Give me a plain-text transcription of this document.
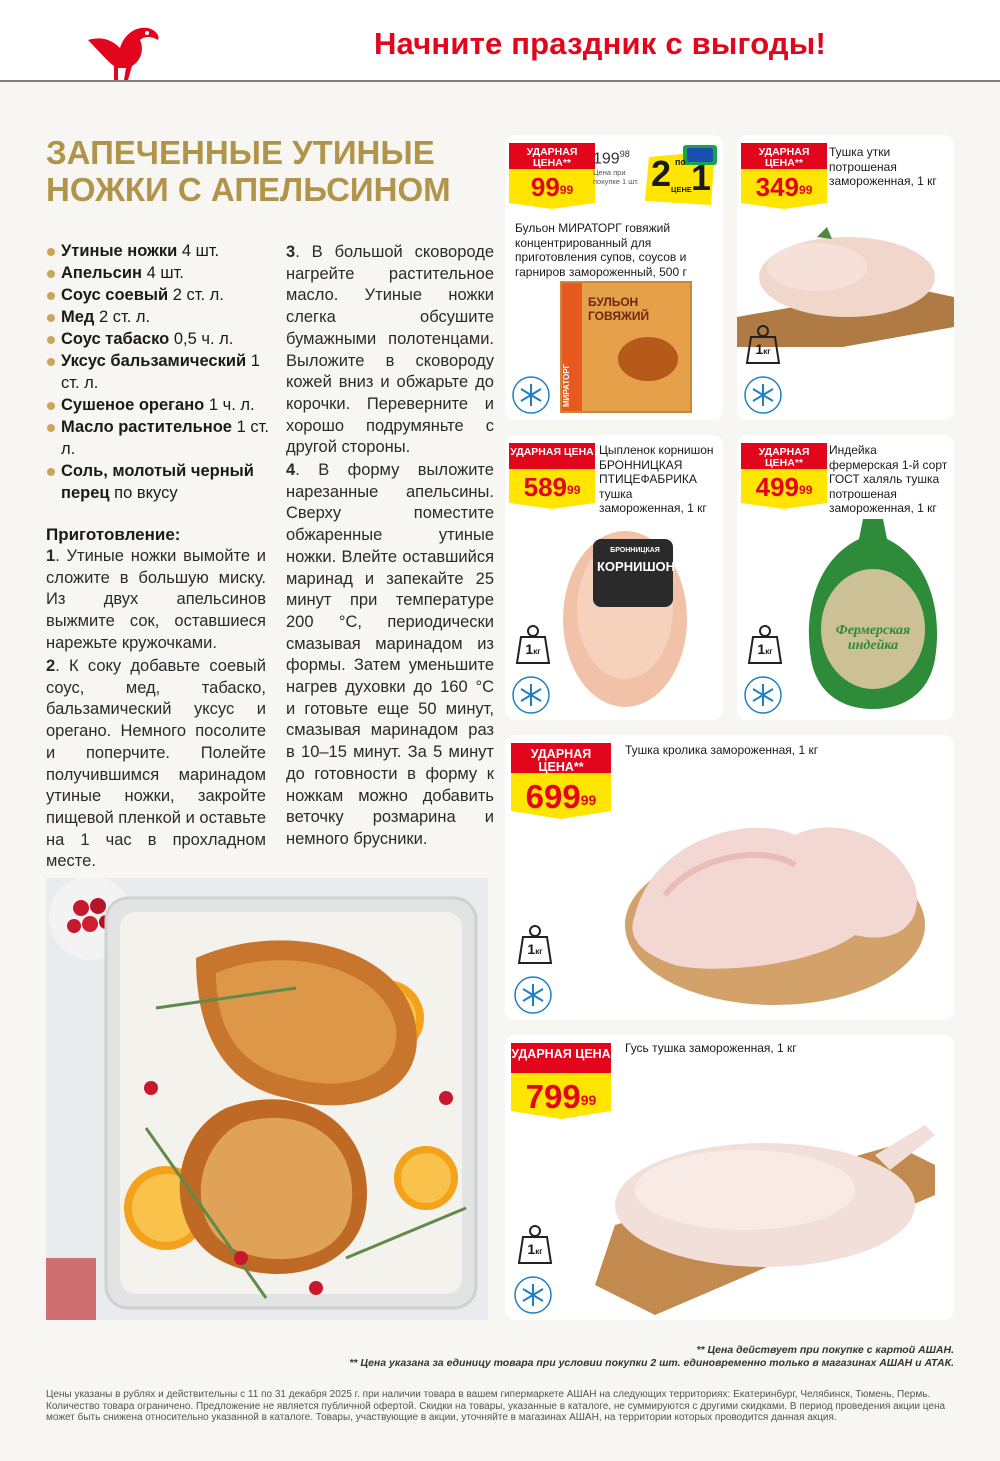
Начните праздник с выгоды!
ЗАПЕЧЕННЫЕ УТИНЫЕ НОЖКИ С АПЕЛЬСИНОМ
Утиные ножки 4 шт.
Апельсин 4 шт.
Соус соевый 2 ст. л.
Мед 2 ст. л.
Соус табаско 0,5 ч. л.
Уксус бальзамический 1 ст. л.
Сушеное орегано 1 ч. л.
Масло растительное 1 ст. л.
Соль, молотый черный перец по вкусу
Приготовление:
1. Утиные ножки вымойте и сложите в большую миску. Из двух апельсинов выжмите сок, оставшиеся нарежьте кружочками.
2. К соку добавьте соевый соус, мед, табаско, бальзамический уксус и орегано. Немного посолите и поперчите. Полейте получившимся маринадом утиные ножки, закройте пищевой пленкой и оставьте на 1 час в прохладном месте.
3. В большой сковороде нагрейте растительное масло. Утиные ножки слегка обсушите бумажными полотенцами. Выложите в сковороду кожей вниз и обжарьте до корочки. Переверните и хорошо подрумяньте с другой стороны.
4. В форму выложите нарезанные апельсины. Сверху поместите обжаренные утиные ножки. Влейте оставшийся маринад и запекайте 25 минут при температуре 200 °С, периодически смазывая маринадом из формы. Затем уменьшите нагрев духовки до 160 °С и готовьте еще 50 минут, смазывая маринадом раз в 10–15 минут. За 5 минут до готовности в форму к ножкам можно добавить веточку розмарина и немного брусники.
УДАРНАЯ ЦЕНА**
$99^{99}$
$199^{98}$
Цена при покупке 1 шт. 2 по 1
ЦЕНЕ
Бульон МИРАТОРГ говяжий концентрированный для приготовления супов, соусов и гарниров замороженный, 500 г
МИРАТОРГ
БУЛЬОН ГОВЯЖИЙ
УДАРНАЯ ЦЕНА**
$349^{99}$
Тушка утки потрошеная замороженная, 1 кг
1кг
УДАРНАЯ ЦЕНА
$589^{99}$
Цыпленок корнишон БРОННИЦКАЯ ПТИЦЕФАБРИКА тушка замороженная, 1 кг
БРОННИЦКАЯ
КОРНИШОН
1кг
УДАРНАЯ ЦЕНА**
$499^{99}$
Индейка фермерская 1-й сорт ГОСТ халяль тушка потрошеная замороженная, 1 кг
Фермерская индейка
1кг
УДАРНАЯ ЦЕНА**
$699^{99}$
Тушка кролика замороженная, 1 кг
1кг
УДАРНАЯ ЦЕНА
$799^{99}$
Гусь тушка замороженная, 1 кг
1кг
** Цена действует при покупке с картой АШАН.
** Цена указана за единицу товара при условии покупки 2 шт. единовременно только в магазинах АШАН и АТАК.
Цены указаны в рублях и действительны с 11 по 31 декабря 2025 г. при наличии товара в вашем гипермаркете АШАН на следующих территориях: Екатеринбург, Челябинск, Тюмень, Пермь. Количество товара ограничено. Предложение не является публичной офертой. Скидки на товары, указанные в каталоге, не суммируются с другими скидками. В период проведения акции цена может быть снижена относительно указанной в каталоге. Товары, участвующие в акции, уточняйте в магазинах АШАН, на территории которых проводится данная акция.
